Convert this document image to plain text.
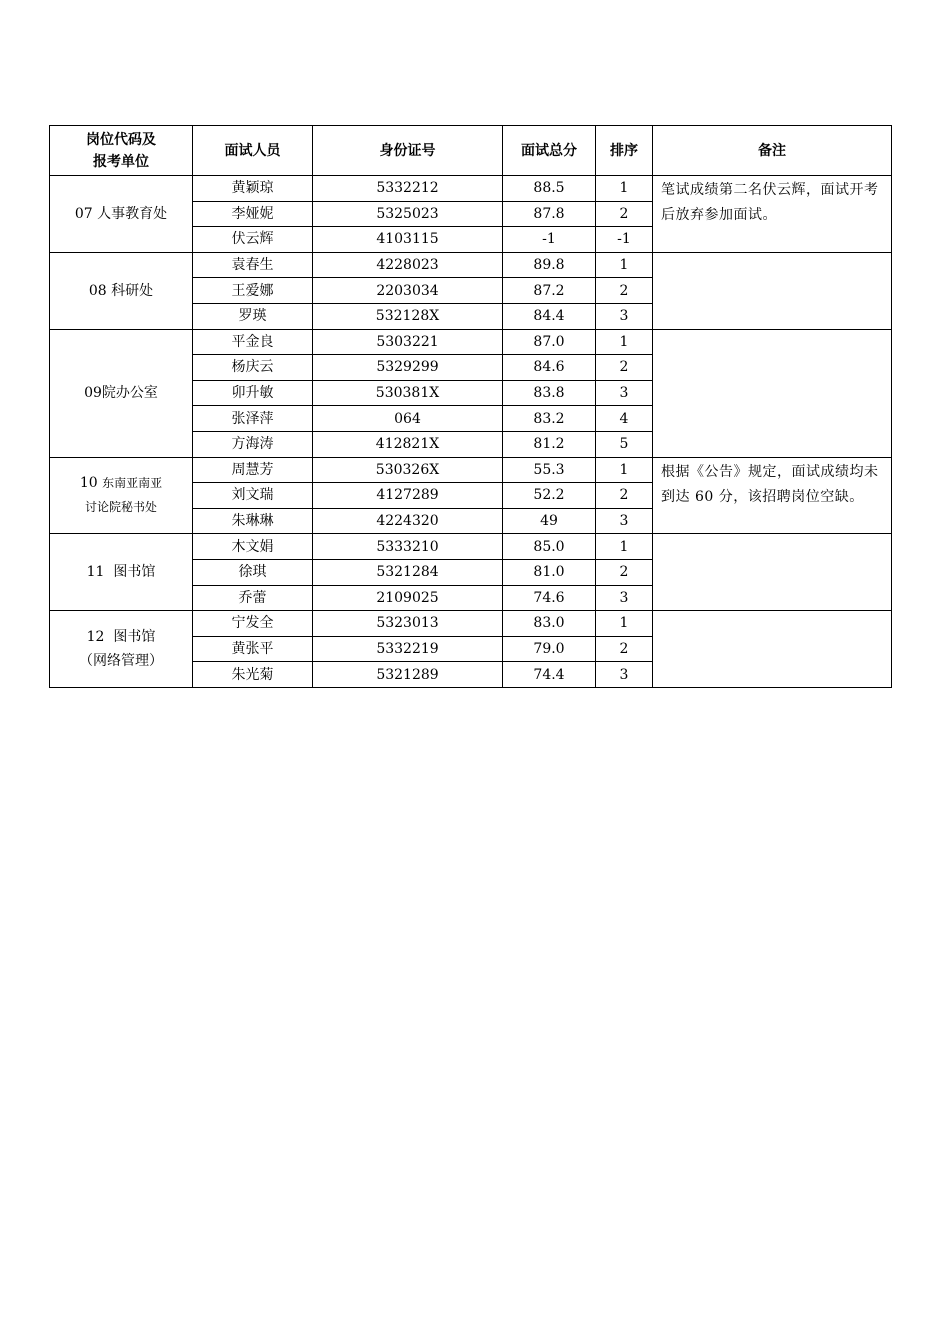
岗位代码及
报考单位	面试人员	身份证号	面试总分	排序	备注
07 人事教育处	黄颖琼	5332212	88.5	1	笔试成绩第二名伏云辉，面试开考后放弃参加面试。
	李娅妮	5325023	87.8	2	
	伏云辉	4103115	-1	-1	
08 科研处	袁春生	4228023	89.8	1	
	王爱娜	2203034	87.2	2	
	罗瑛	532128X	84.4	3	
09院办公室	平金良	5303221	87.0	1	
	杨庆云	5329299	84.6	2	
	卯升敏	530381X	83.8	3	
	张泽萍	064	83.2	4	
	方海涛	412821X	81.2	5	

10 东南亚南亚
讨论院秘书处	周慧芳	530326X	55.3	1	根据《公告》规定，面试成绩均未到达 60 分，该招聘岗位空缺。
	刘文瑞	4127289	52.2	2	
	朱琳琳	4224320	49	3	
11 图书馆	木文娟	5333210	85.0	1	
	徐琪	5321284	81.0	2	
	乔蕾	2109025	74.6	3	

12 图书馆
（网络管理）	宁发全	5323013	83.0	1	
	黄张平	5332219	79.0	2	
	朱光菊	5321289	74.4	3	
